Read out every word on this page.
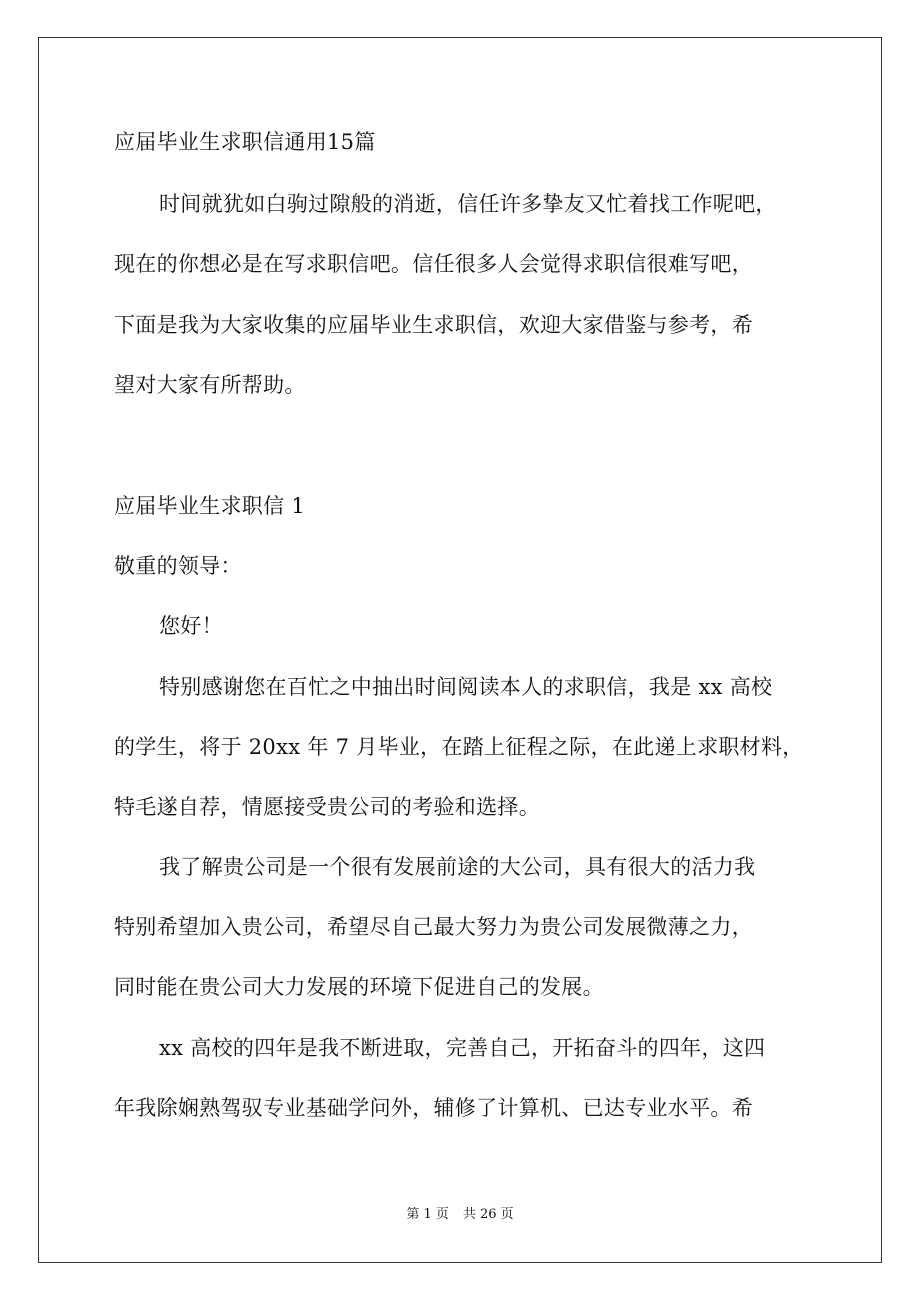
应届毕业生求职信通用15篇
时间就犹如白驹过隙般的消逝，信任许多挚友又忙着找工作呢吧，
现在的你想必是在写求职信吧。信任很多人会觉得求职信很难写吧，
下面是我为大家收集的应届毕业生求职信，欢迎大家借鉴与参考，希
望对大家有所帮助。
应届毕业生求职信 1
敬重的领导：
您好！
特别感谢您在百忙之中抽出时间阅读本人的求职信，我是 xx 高校
的学生，将于 20xx 年 7 月毕业，在踏上征程之际，在此递上求职材料，
特毛遂自荐，情愿接受贵公司的考验和选择。
我了解贵公司是一个很有发展前途的大公司，具有很大的活力我
特别希望加入贵公司，希望尽自己最大努力为贵公司发展微薄之力，
同时能在贵公司大力发展的环境下促进自己的发展。
xx 高校的四年是我不断进取，完善自己，开拓奋斗的四年，这四
年我除娴熟驾驭专业基础学问外，辅修了计算机、已达专业水平。希
第 1 页 共 26 页
